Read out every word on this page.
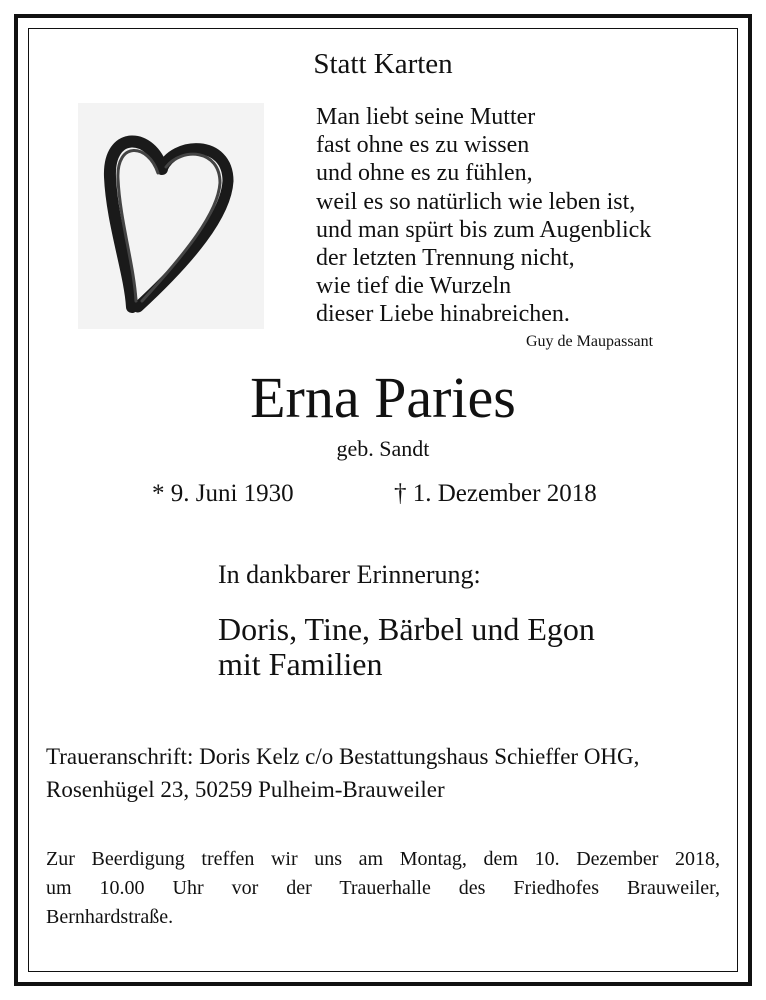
Statt Karten
Man liebt seine Mutter
fast ohne es zu wissen
und ohne es zu fühlen,
weil es so natürlich wie leben ist,
und man spürt bis zum Augenblick
der letzten Trennung nicht,
wie tief die Wurzeln
dieser Liebe hinabreichen.
Guy de Maupassant
Erna Paries
geb. Sandt
* 9. Juni 1930	† 1. Dezember 2018
In dankbarer Erinnerung:
Doris, Tine, Bärbel und Egon
mit Familien
Traueranschrift: Doris Kelz c/o Bestattungshaus Schieffer OHG,
Rosenhügel 23, 50259 Pulheim-Brauweiler
Zur Beerdigung treffen wir uns am Montag, dem 10. Dezember 2018,
um 10.00 Uhr vor der Trauerhalle des Friedhofes Brauweiler,
Bernhardstraße.
